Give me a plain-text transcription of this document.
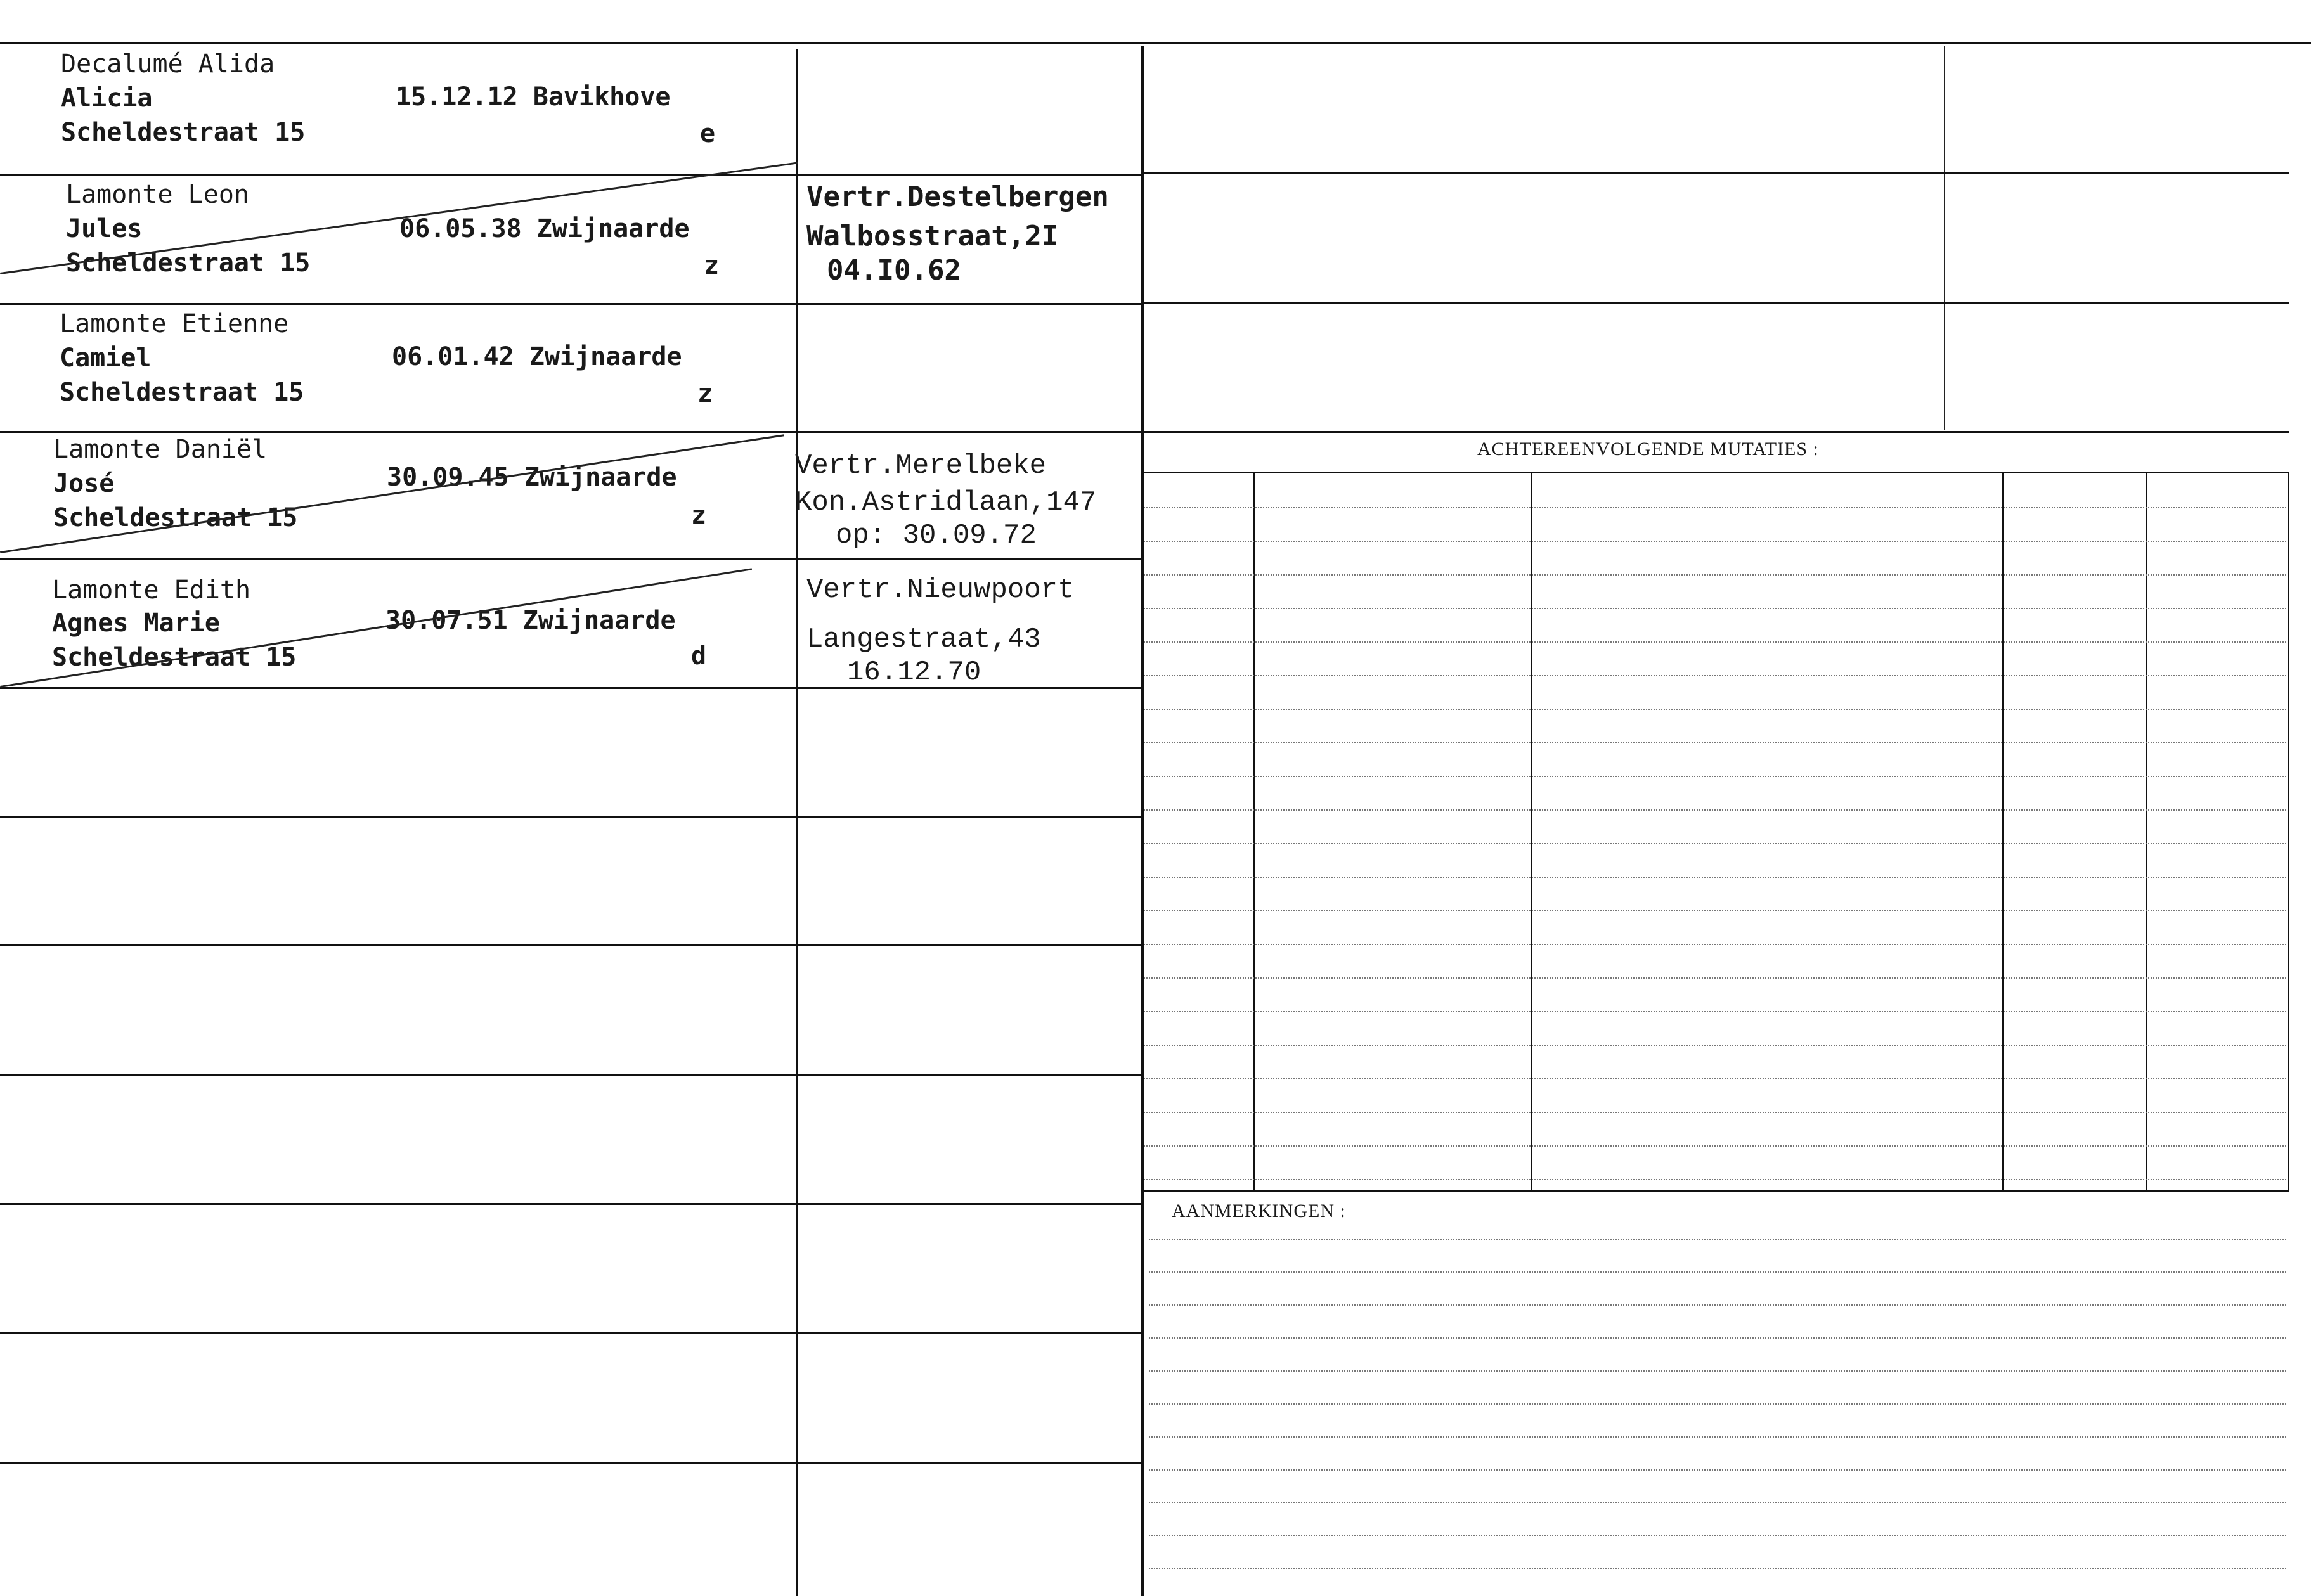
ACHTEREENVOLGENDE MUTATIES :
AANMERKINGEN :
Decalumé Alida
Alicia
Scheldestraat 15
15.12.12 Bavikhove
e
Lamonte Leon
Jules
Scheldestraat 15
06.05.38 Zwijnaarde
z
Lamonte Etienne
Camiel
Scheldestraat 15
06.01.42 Zwijnaarde
z
Lamonte Daniël
José
Scheldestraat 15
30.09.45 Zwijnaarde
z
Lamonte Edith
Agnes Marie
Scheldestraat 15
30.07.51 Zwijnaarde
d
Vertr.Destelbergen
Walbosstraat,2I
04.I0.62
Vertr.Merelbeke
Kon.Astridlaan,147
op: 30.09.72
Vertr.Nieuwpoort
Langestraat,43
16.12.70
